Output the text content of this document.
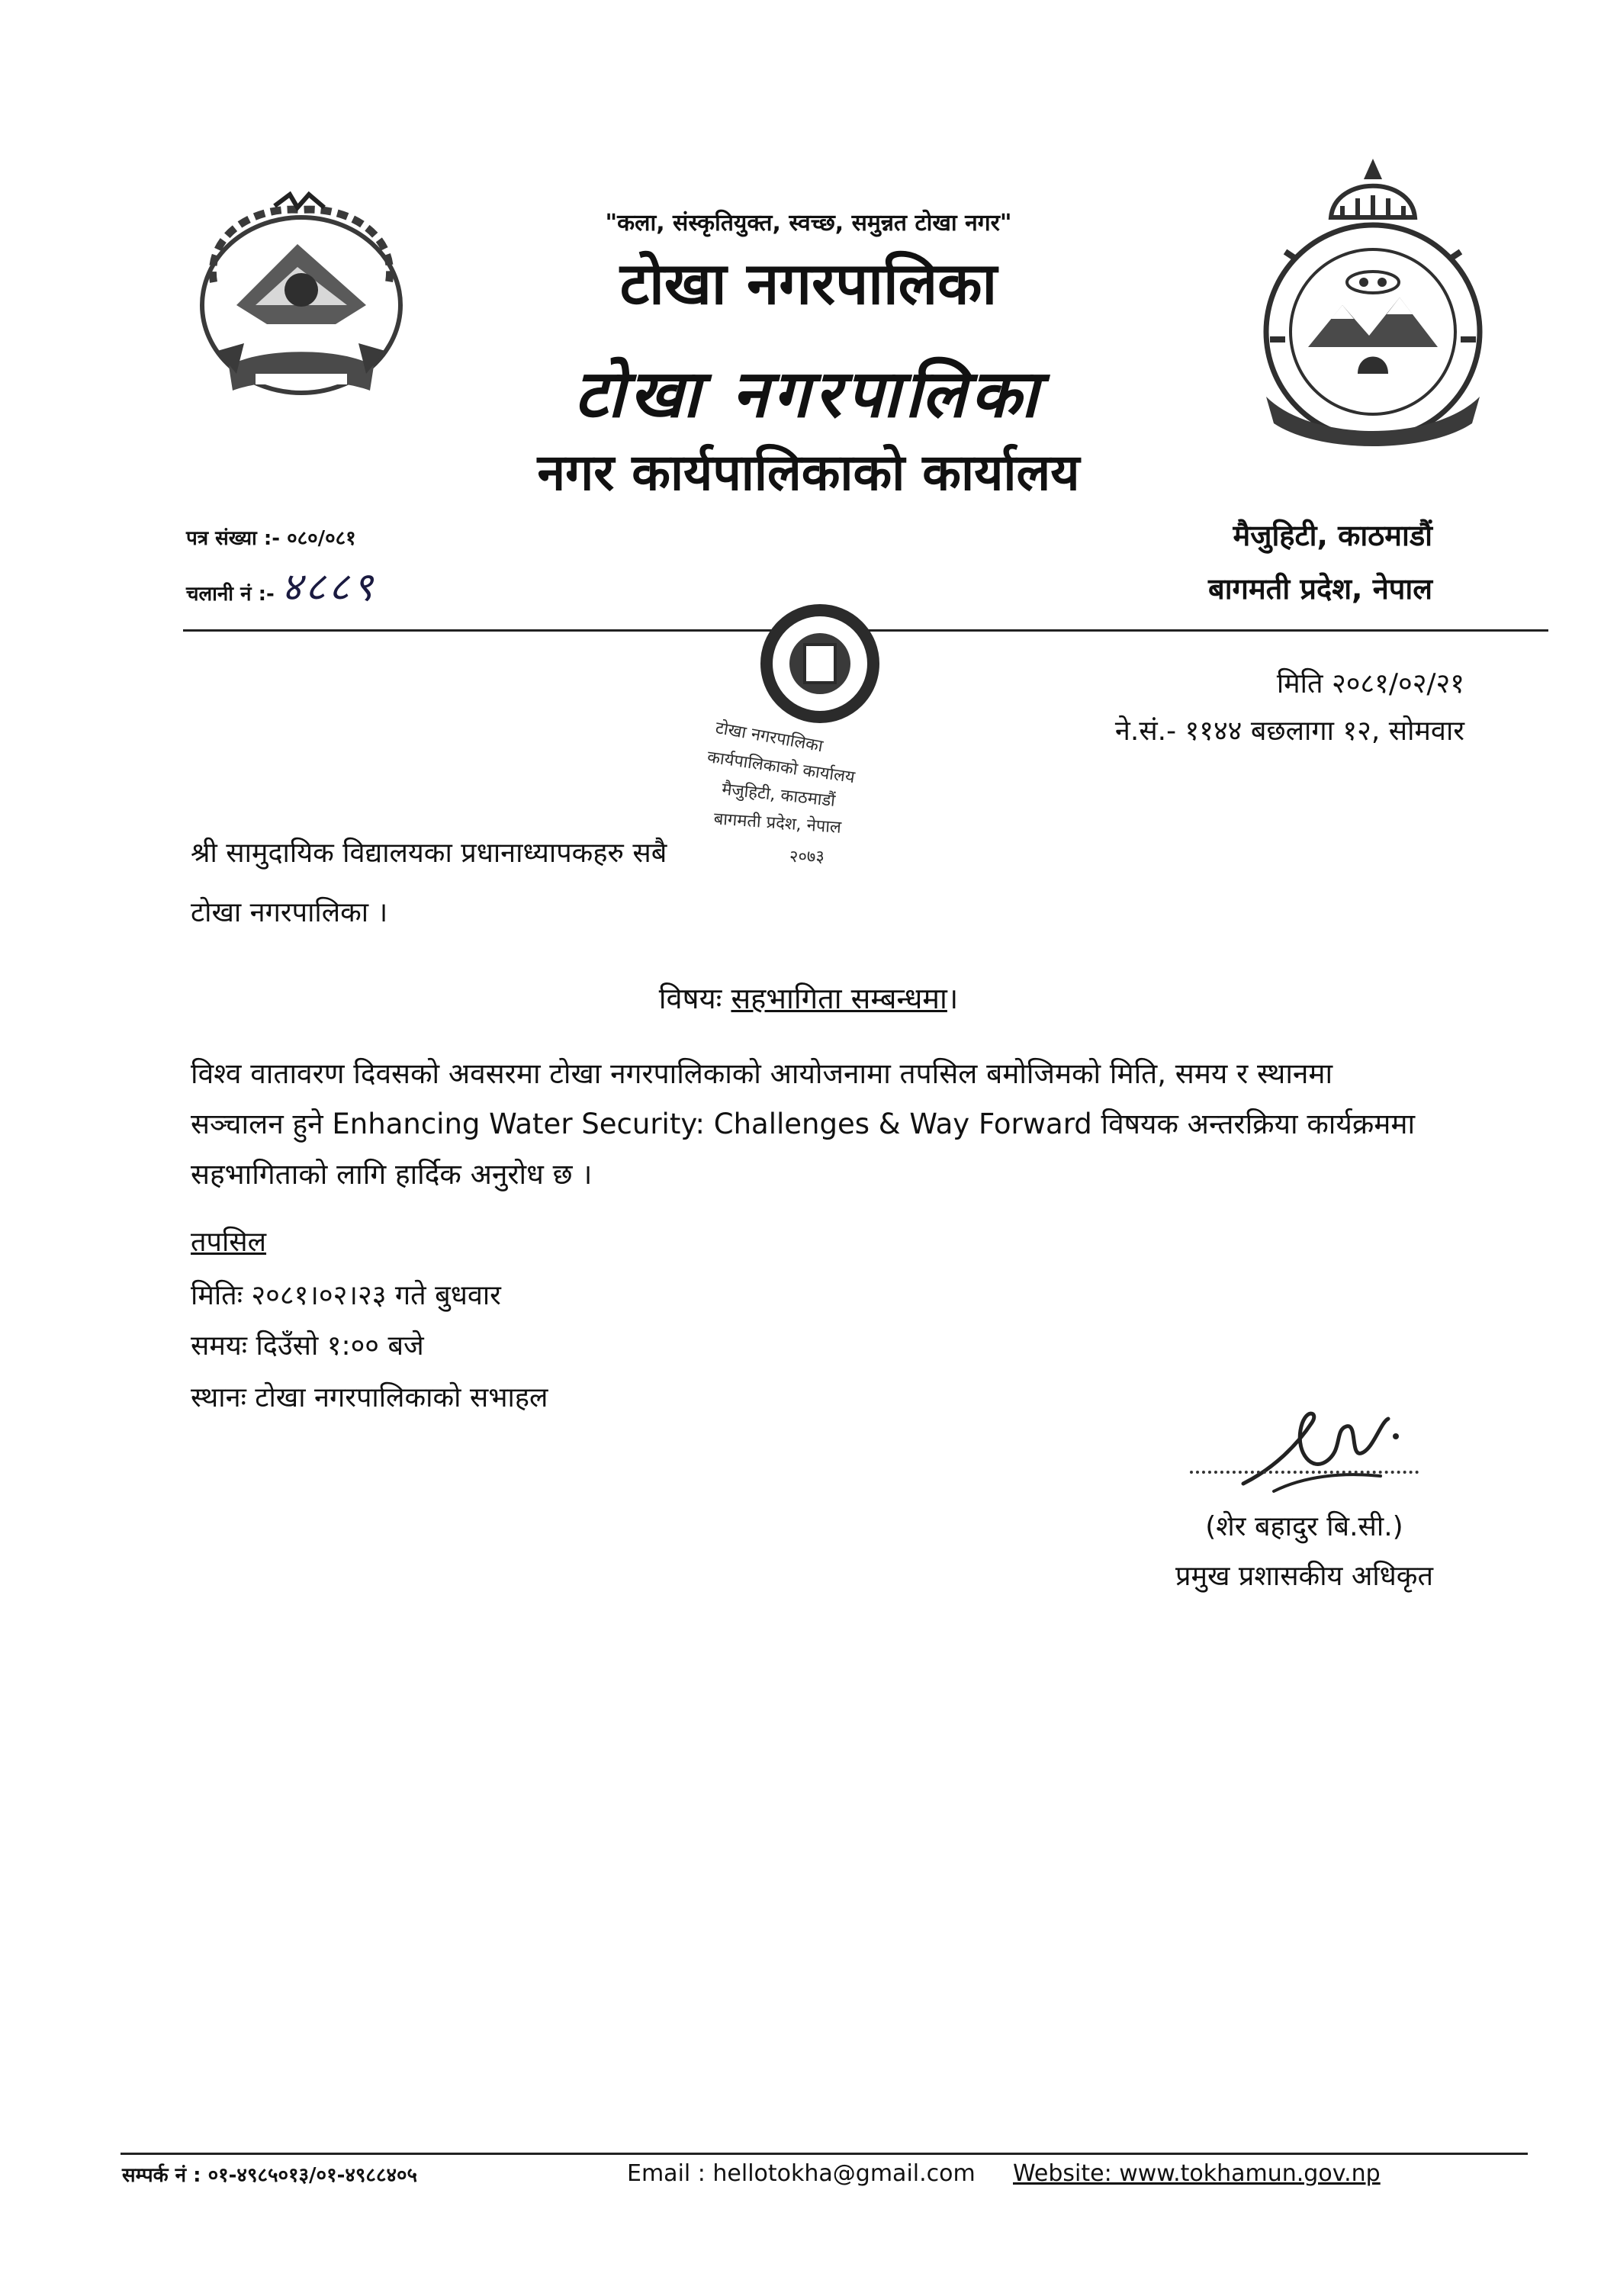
"कला, संस्कृतियुक्त, स्वच्छ, समुन्नत टोखा नगर"
टोखा नगरपालिका
टोखा नगरपालिका
नगर कार्यपालिकाको कार्यालय
पत्र संख्या :- ०८०/०८१
चलानी नं :- ४८८९
मैजुहिटी, काठमाडौं
बागमती प्रदेश, नेपाल
टोखा नगरपालिका
कार्यपालिकाको कार्यालय
मैजुहिटी, काठमाडौं
बागमती प्रदेश, नेपाल
२०७३
मिति २०८१/०२/२१
ने.सं.- ११४४ बछलागा १२, सोमवार
श्री सामुदायिक विद्यालयका प्रधानाध्यापकहरु सबै
टोखा नगरपालिका ।
विषयः सहभागिता सम्बन्धमा।
विश्व वातावरण दिवसको अवसरमा टोखा नगरपालिकाको आयोजनामा तपसिल बमोजिमको मिति, समय र स्थानमा
सञ्चालन हुने Enhancing Water Security: Challenges & Way Forward विषयक अन्तरक्रिया कार्यक्रममा
सहभागिताको लागि हार्दिक अनुरोध छ ।
तपसिल
मितिः २०८१।०२।२३ गते बुधवार
समयः दिउँसो १:०० बजे
स्थानः टोखा नगरपालिकाको सभाहल
(शेर बहादुर बि.सी.)
प्रमुख प्रशासकीय अधिकृत
सम्पर्क नं : ०१-४९८५०१३/०१-४९८८४०५	Email : hellotokha@gmail.com Website: www.tokhamun.gov.np
